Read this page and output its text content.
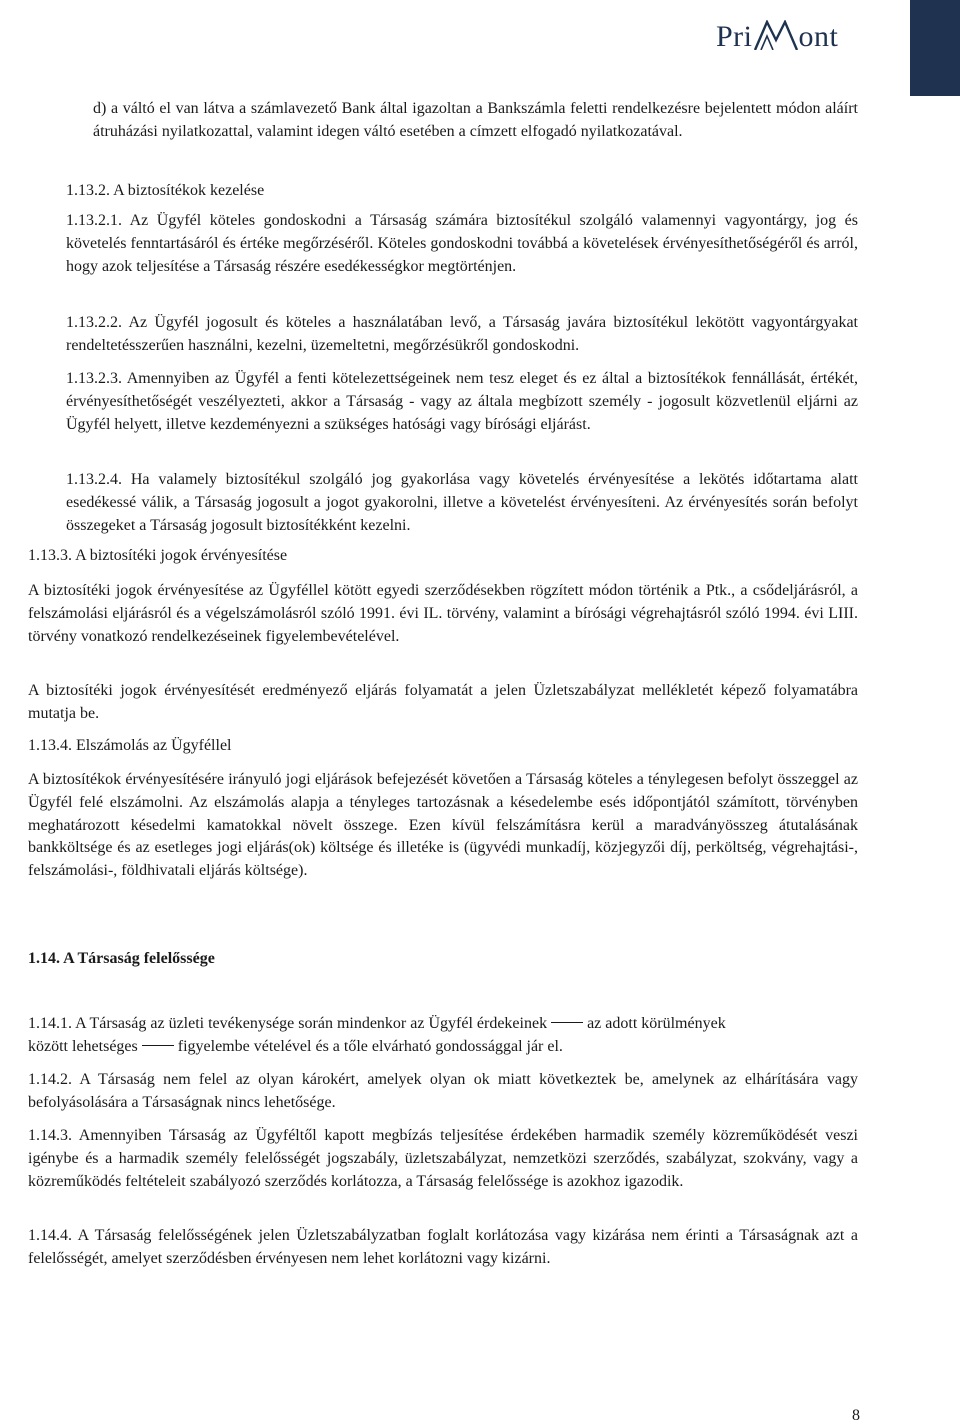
Pri ont

d) a váltó el van látva a számlavezető Bank által igazoltan a Bankszámla feletti rendelkezésre bejelentett módon aláírt átruházási nyilatkozattal, valamint idegen váltó esetében a címzett elfogadó nyilatkozatával.

1.13.2. A biztosítékok kezelése

1.13.2.1. Az Ügyfél köteles gondoskodni a Társaság számára biztosítékul szolgáló valamennyi vagyontárgy, jog és követelés fenntartásáról és értéke megőrzéséről. Köteles gondoskodni továbbá a követelések érvényesíthetőségéről és arról, hogy azok teljesítése a Társaság részére esedékességkor megtörténjen.

1.13.2.2. Az Ügyfél jogosult és köteles a használatában levő, a Társaság javára biztosítékul lekötött vagyontárgyakat rendeltetésszerűen használni, kezelni, üzemeltetni, megőrzésükről gondoskodni.

1.13.2.3. Amennyiben az Ügyfél a fenti kötelezettségeinek nem tesz eleget és ez által a biztosítékok fennállását, értékét, érvényesíthetőségét veszélyezteti, akkor a Társaság - vagy az általa megbízott személy - jogosult közvetlenül eljárni az Ügyfél helyett, illetve kezdeményezni a szükséges hatósági vagy bírósági eljárást.

1.13.2.4. Ha valamely biztosítékul szolgáló jog gyakorlása vagy követelés érvényesítése a lekötés időtartama alatt esedékessé válik, a Társaság jogosult a jogot gyakorolni, illetve a követelést érvényesíteni. Az érvényesítés során befolyt összegeket a Társaság jogosult biztosítékként kezelni.

1.13.3. A biztosítéki jogok érvényesítése

A biztosítéki jogok érvényesítése az Ügyféllel kötött egyedi szerződésekben rögzített módon történik a Ptk., a csődeljárásról, a felszámolási eljárásról és a végelszámolásról szóló 1991. évi IL. törvény, valamint a bírósági végrehajtásról szóló 1994. évi LIII. törvény vonatkozó rendelkezéseinek figyelembevételével.

A biztosítéki jogok érvényesítését eredményező eljárás folyamatát a jelen Üzletszabályzat mellékletét képező folyamatábra mutatja be.

1.13.4. Elszámolás az Ügyféllel

A biztosítékok érvényesítésére irányuló jogi eljárások befejezését követően a Társaság köteles a ténylegesen befolyt összeggel az Ügyfél felé elszámolni. Az elszámolás alapja a tényleges tartozásnak a késedelembe esés időpontjától számított, törvényben meghatározott késedelmi kamatokkal növelt összege. Ezen kívül felszámításra kerül a maradványösszeg átutalásának bankköltsége és az esetleges jogi eljárás(ok) költsége és illetéke is (ügyvédi munkadíj, közjegyzői díj, perköltség, végrehajtási-, felszámolási-, földhivatali eljárás költsége).

1.14. A Társaság felelőssége

1.14.1. A Társaság az üzleti tevékenysége során mindenkor az Ügyfél érdekeinek	az adott körülmények
között lehetséges	figyelembe vételével és a tőle elvárható gondossággal jár el.

1.14.2. A Társaság nem felel az olyan károkért, amelyek olyan ok miatt következtek be, amelynek az elhárítására vagy befolyásolására a Társaságnak nincs lehetősége.

1.14.3. Amennyiben Társaság az Ügyféltől kapott megbízás teljesítése érdekében harmadik személy közreműködését veszi igénybe és a harmadik személy felelősségét jogszabály, üzletszabályzat, nemzetközi szerződés, szabályzat, szokvány, vagy a közreműködés feltételeit szabályozó szerződés korlátozza, a Társaság felelőssége is azokhoz igazodik.

1.14.4. A Társaság felelősségének jelen Üzletszabályzatban foglalt korlátozása vagy kizárása nem érinti a Társaságnak azt a felelősségét, amelyet szerződésben érvényesen nem lehet korlátozni vagy kizárni.

8
